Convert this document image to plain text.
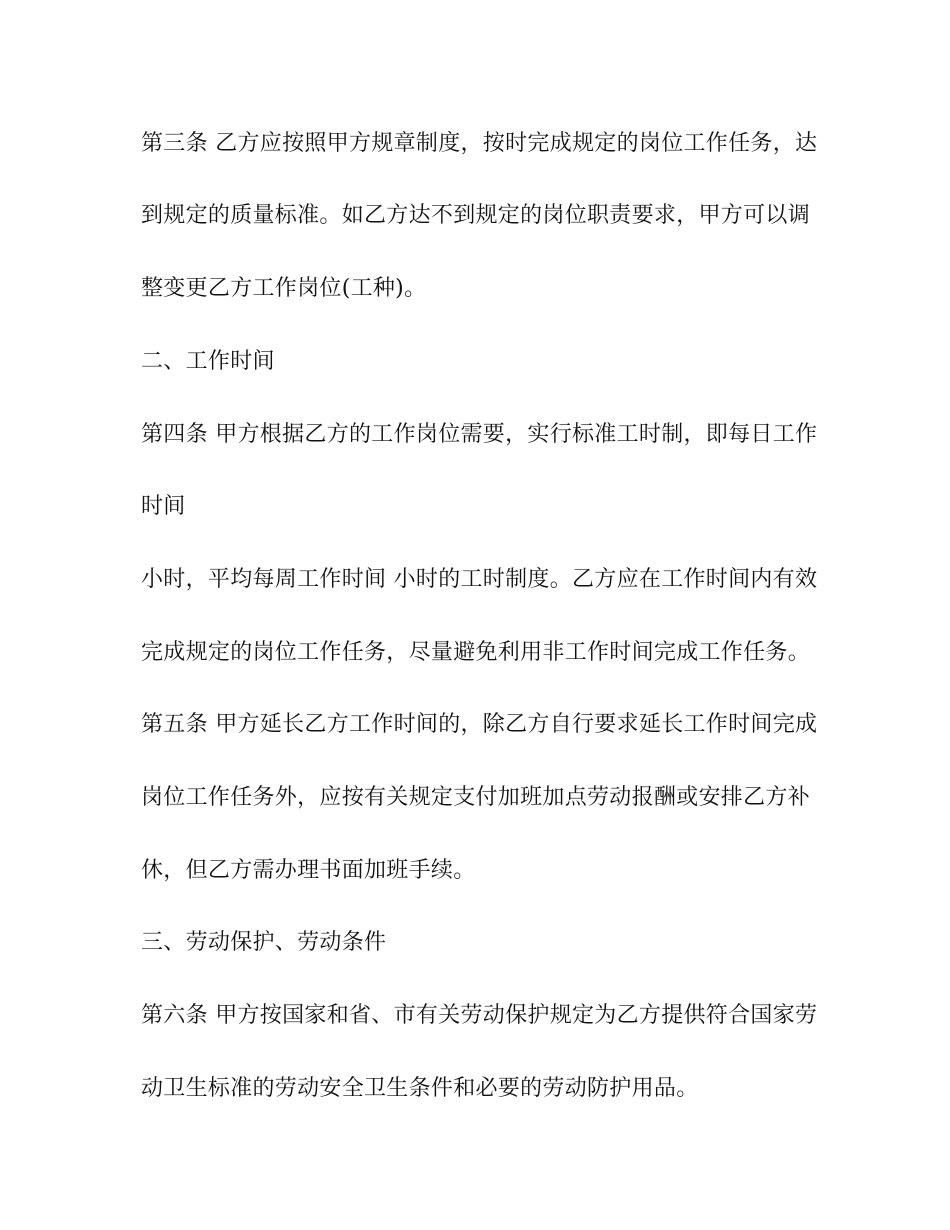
第三条 乙方应按照甲方规章制度，按时完成规定的岗位工作任务，达
到规定的质量标准。如乙方达不到规定的岗位职责要求，甲方可以调
整变更乙方工作岗位(工种)。
二、工作时间
第四条 甲方根据乙方的工作岗位需要，实行标准工时制，即每日工作
时间
小时，平均每周工作时间 小时的工时制度。乙方应在工作时间内有效
完成规定的岗位工作任务，尽量避免利用非工作时间完成工作任务。
第五条 甲方延长乙方工作时间的，除乙方自行要求延长工作时间完成
岗位工作任务外，应按有关规定支付加班加点劳动报酬或安排乙方补
休，但乙方需办理书面加班手续。
三、劳动保护、劳动条件
第六条 甲方按国家和省、市有关劳动保护规定为乙方提供符合国家劳
动卫生标准的劳动安全卫生条件和必要的劳动防护用品。
